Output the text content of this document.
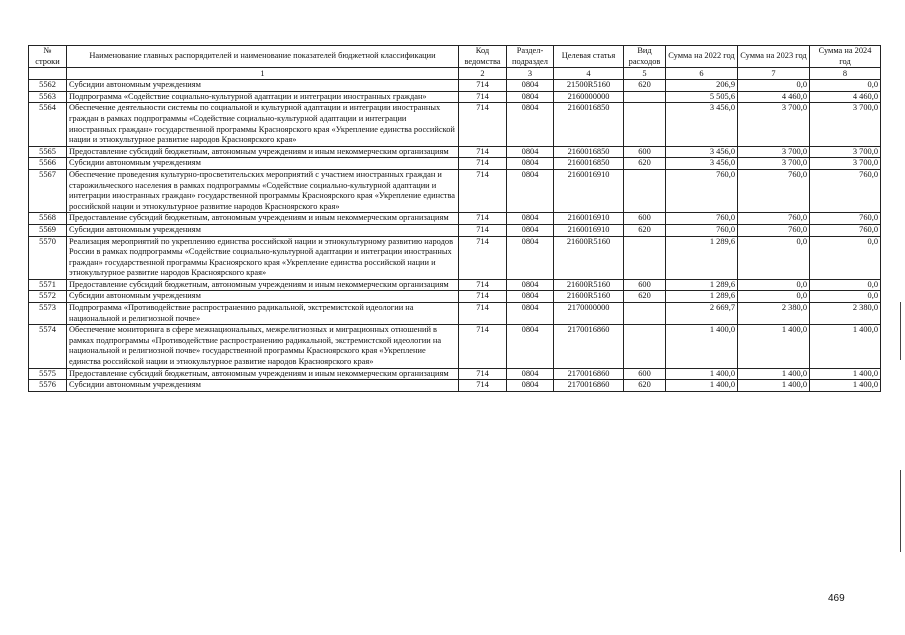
№ строки	Наименование главных распорядителей и наименование показателей бюджетной классификации	Код ведомства	Раздел-подраздел	Целевая статья	Вид расходов	Сумма на 2022 год	Сумма на 2023 год	Сумма на 2024 год
	1	2	3	4	5	6	7	8
5562	Субсидии автономным учреждениям	714	0804	21500R5160	620	206,9	0,0	0,0
5563	Подпрограмма «Содействие социально-культурной адаптации и интеграции иностранных граждан»	714	0804	2160000000		5 505,6	4 460,0	4 460,0
5564	Обеспечение деятельности системы по социальной и культурной адаптации и интеграции иностранных граждан в рамках подпрограммы «Содействие социально-культурной адаптации и интеграции иностранных граждан» государственной программы Красноярского края «Укрепление единства российской нации и этнокультурное развитие народов Красноярского края»	714	0804	2160016850		3 456,0	3 700,0	3 700,0
5565	Предоставление субсидий бюджетным, автономным учреждениям и иным некоммерческим организациям	714	0804	2160016850	600	3 456,0	3 700,0	3 700,0
5566	Субсидии автономным учреждениям	714	0804	2160016850	620	3 456,0	3 700,0	3 700,0
5567	Обеспечение проведения культурно-просветительских мероприятий с участием иностранных граждан и старожильческого населения в рамках подпрограммы «Содействие социально-культурной адаптации и интеграции иностранных граждан» государственной программы Красноярского края «Укрепление единства российской нации и этнокультурное развитие народов Красноярского края»	714	0804	2160016910		760,0	760,0	760,0
5568	Предоставление субсидий бюджетным, автономным учреждениям и иным некоммерческим организациям	714	0804	2160016910	600	760,0	760,0	760,0
5569	Субсидии автономным учреждениям	714	0804	2160016910	620	760,0	760,0	760,0
5570	Реализация мероприятий по укреплению единства российской нации и этнокультурному развитию народов России в рамках подпрограммы «Содействие социально-культурной адаптации и интеграции иностранных граждан» государственной программы Красноярского края «Укрепление единства российской нации и этнокультурное развитие народов Красноярского края»	714	0804	21600R5160		1 289,6	0,0	0,0
5571	Предоставление субсидий бюджетным, автономным учреждениям и иным некоммерческим организациям	714	0804	21600R5160	600	1 289,6	0,0	0,0
5572	Субсидии автономным учреждениям	714	0804	21600R5160	620	1 289,6	0,0	0,0
5573	Подпрограмма «Противодействие распространению радикальной, экстремистской идеологии на национальной и религиозной почве»	714	0804	2170000000		2 669,7	2 380,0	2 380,0
5574	Обеспечение мониторинга в сфере межнациональных, межрелигиозных и миграционных отношений в рамках подпрограммы «Противодействие распространению радикальной, экстремистской идеологии на национальной и религиозной почве» государственной программы Красноярского края «Укрепление единства российской нации и этнокультурное развитие народов Красноярского края»	714	0804	2170016860		1 400,0	1 400,0	1 400,0
5575	Предоставление субсидий бюджетным, автономным учреждениям и иным некоммерческим организациям	714	0804	2170016860	600	1 400,0	1 400,0	1 400,0
5576	Субсидии автономным учреждениям	714	0804	2170016860	620	1 400,0	1 400,0	1 400,0
469
